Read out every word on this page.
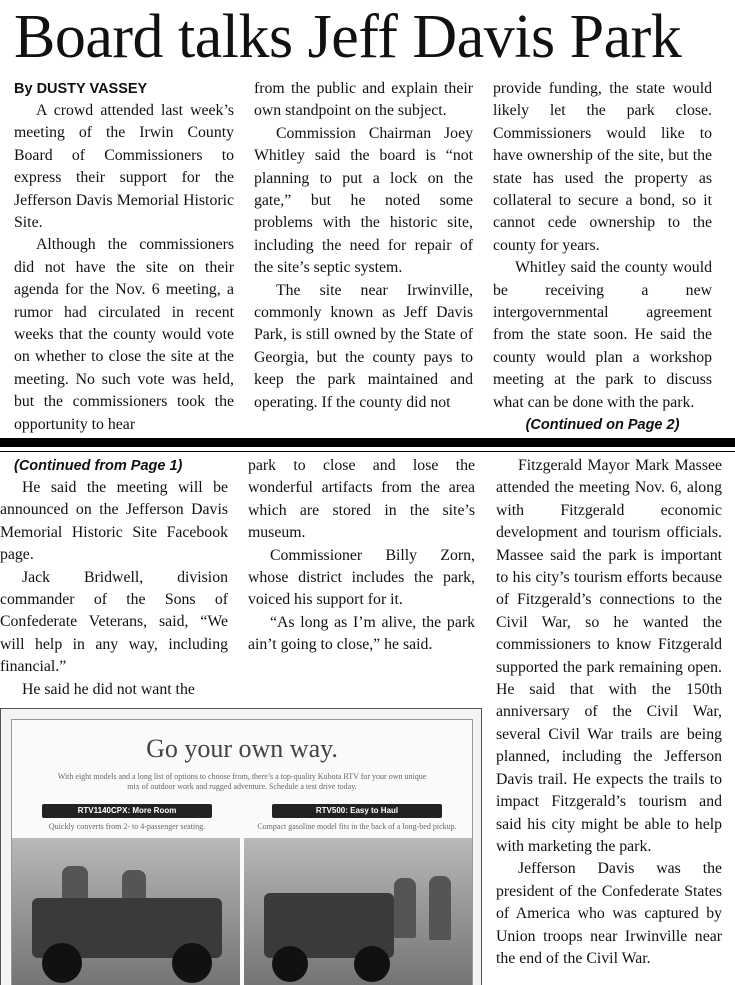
Board talks Jeff Davis Park

By DUSTY VASSEY

A crowd attended last week’s meeting of the Irwin County Board of Commissioners to express their support for the Jefferson Davis Memorial Historic Site.

Although the commissioners did not have the site on their agenda for the Nov. 6 meeting, a rumor had circulated in recent weeks that the county would vote on whether to close the site at the meeting. No such vote was held, but the commissioners took the opportunity to hear

from the public and explain their own standpoint on the subject.

Commission Chairman Joey Whitley said the board is “not planning to put a lock on the gate,” but he noted some problems with the historic site, including the need for repair of the site’s septic system.

The site near Irwinville, commonly known as Jeff Davis Park, is still owned by the State of Georgia, but the county pays to keep the park maintained and operating. If the county did not

provide funding, the state would likely let the park close. Commissioners would like to have ownership of the site, but the state has used the property as collateral to secure a bond, so it cannot cede ownership to the county for years.

Whitley said the county would be receiving a new intergovernmental agreement from the state soon. He said the county would plan a workshop meeting at the park to discuss what can be done with the park.

(Continued on Page 2)

(Continued from Page 1)

He said the meeting will be announced on the Jefferson Davis Memorial Historic Site Facebook page.

Jack Bridwell, division commander of the Sons of Confederate Veterans, said, “We will help in any way, including financial.”

He said he did not want the

park to close and lose the wonderful artifacts from the area which are stored in the site’s museum.

Commissioner Billy Zorn, whose district includes the park, voiced his support for it.

“As long as I’m alive, the park ain’t going to close,” he said.

Fitzgerald Mayor Mark Massee attended the meeting Nov. 6, along with Fitzgerald economic development and tourism officials. Massee said the park is important to his city’s tourism efforts because of Fitzgerald’s connections to the Civil War, so he wanted the commissioners to know Fitzgerald supported the park remaining open. He said that with the 150th anniversary of the Civil War, several Civil War trails are being planned, including the Jefferson Davis trail. He expects the trails to impact Fitzgerald’s tourism and said his city might be able to help with marketing the park.

Jefferson Davis was the president of the Confederate States of America who was captured by Union troops near Irwinville near the end of the Civil War.

Go your own way.
With eight models and a long list of options to choose from, there’s a top-quality Kubota RTV for your own unique mix of outdoor work and rugged adventure. Schedule a test drive today.
RTV1140CPX: More Room	RTV500: Easy to Haul
Quickly converts from 2- to 4-passenger seating.	Compact gasoline model fits in the back of a long-bed pickup.
